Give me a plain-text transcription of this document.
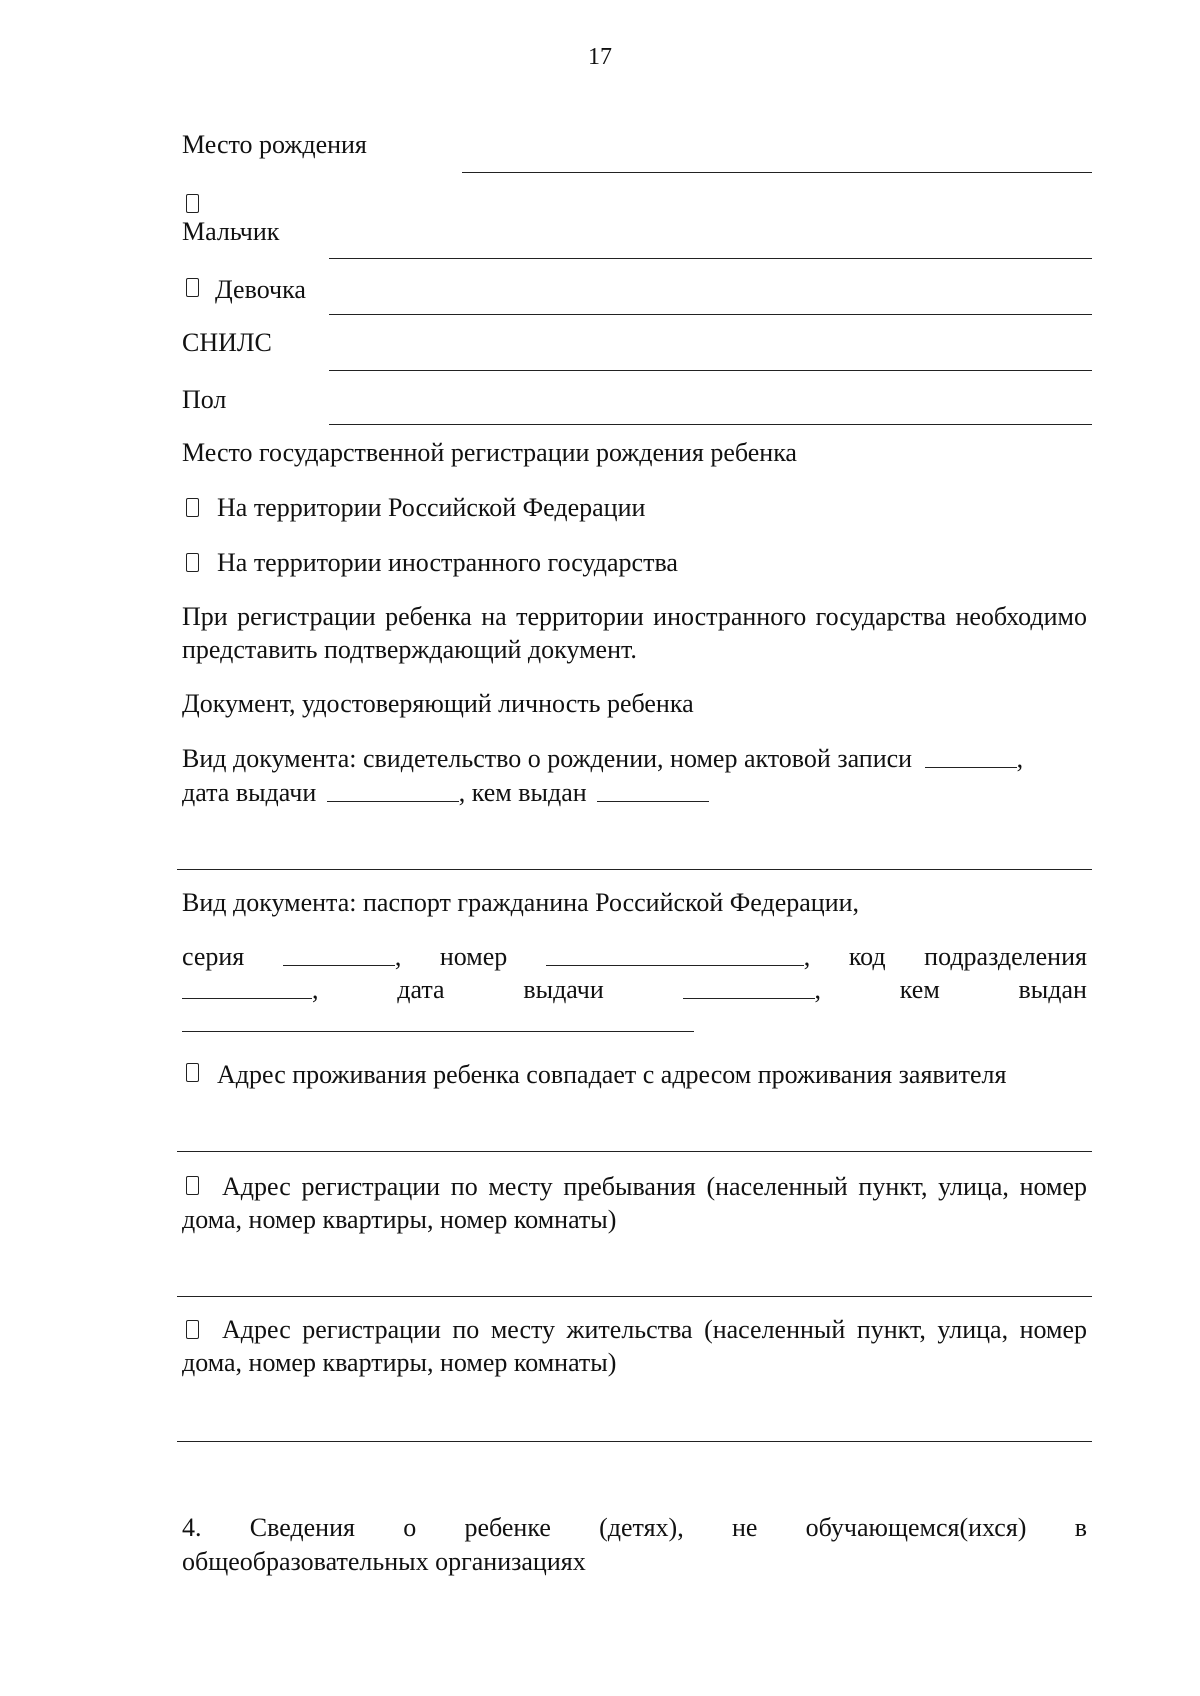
17
Место рождения
Мальчик
Девочка
СНИЛС
Пол
Место государственной регистрации рождения ребенка
На территории Российской Федерации
На территории иностранного государства
При регистрации ребенка на территории иностранного государства необходимо представить подтверждающий документ.
Документ, удостоверяющий личность ребенка
Вид документа: свидетельство о рождении, номер актовой записи	,
дата выдачи	, кем выдан
Вид документа: паспорт гражданина Российской Федерации,
серия	, номер	, код подразделения
,	дата	выдачи	,	кем	выдан
Адрес проживания ребенка совпадает с адресом проживания заявителя
Адрес регистрации по месту пребывания (населенный пункт, улица, номер дома, номер квартиры, номер комнаты)
Адрес регистрации по месту жительства (населенный пункт, улица, номер дома, номер квартиры, номер комнаты)
4. Сведения о ребенке (детях), не обучающемся(ихся) в
общеобразовательных организациях
